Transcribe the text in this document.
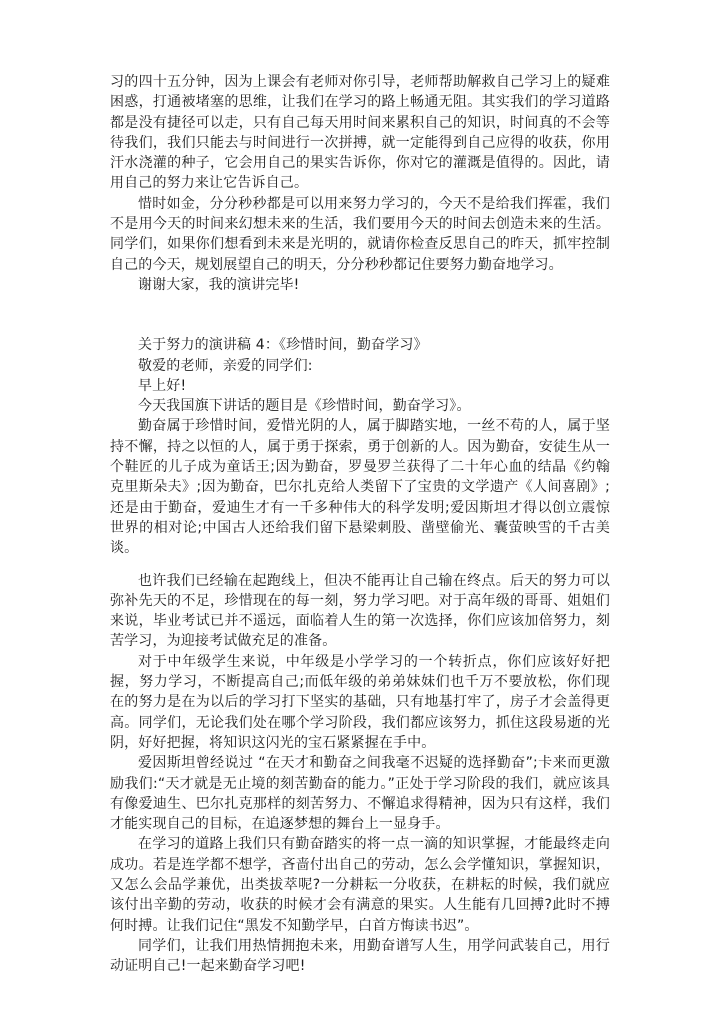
习的四十五分钟，因为上课会有老师对你引导，老师帮助解救自己学习上的疑难困惑，打通被堵塞的思维，让我们在学习的路上畅通无阻。其实我们的学习道路都是没有捷径可以走，只有自己每天用时间来累积自己的知识，时间真的不会等待我们，我们只能去与时间进行一次拼搏，就一定能得到自己应得的收获，你用汗水浇灌的种子，它会用自己的果实告诉你，你对它的灌溉是值得的。因此，请用自己的努力来让它告诉自己。

惜时如金，分分秒秒都是可以用来努力学习的，今天不是给我们挥霍，我们不是用今天的时间来幻想未来的生活，我们要用今天的时间去创造未来的生活。同学们，如果你们想看到未来是光明的，就请你检查反思自己的昨天，抓牢控制自己的今天，规划展望自己的明天，分分秒秒都记住要努力勤奋地学习。

谢谢大家，我的演讲完毕!

关于努力的演讲稿 4：《珍惜时间，勤奋学习》

敬爱的老师，亲爱的同学们:

早上好!

今天我国旗下讲话的题目是《珍惜时间，勤奋学习》。

勤奋属于珍惜时间，爱惜光阴的人，属于脚踏实地，一丝不苟的人，属于坚持不懈，持之以恒的人，属于勇于探索，勇于创新的人。因为勤奋，安徒生从一个鞋匠的儿子成为童话王;因为勤奋，罗曼罗兰获得了二十年心血的结晶《约翰克里斯朵夫》;因为勤奋，巴尔扎克给人类留下了宝贵的文学遗产《人间喜剧》;还是由于勤奋，爱迪生才有一千多种伟大的科学发明;爱因斯坦才得以创立震惊世界的相对论;中国古人还给我们留下悬梁刺股、凿壁偷光、囊萤映雪的千古美谈。

也许我们已经输在起跑线上，但决不能再让自己输在终点。后天的努力可以弥补先天的不足，珍惜现在的每一刻，努力学习吧。对于高年级的哥哥、姐姐们来说，毕业考试已并不遥远，面临着人生的第一次选择，你们应该加倍努力，刻苦学习，为迎接考试做充足的准备。

对于中年级学生来说，中年级是小学学习的一个转折点，你们应该好好把握，努力学习，不断提高自己;而低年级的弟弟妹妹们也千万不要放松，你们现在的努力是在为以后的学习打下坚实的基础，只有地基打牢了，房子才会盖得更高。同学们，无论我们处在哪个学习阶段，我们都应该努力，抓住这段易逝的光阴，好好把握，将知识这闪光的宝石紧紧握在手中。

爱因斯坦曾经说过 “在天才和勤奋之间我毫不迟疑的选择勤奋”;卡来而更激励我们:“天才就是无止境的刻苦勤奋的能力。”正处于学习阶段的我们，就应该具有像爱迪生、巴尔扎克那样的刻苦努力、不懈追求得精神，因为只有这样，我们才能实现自己的目标，在追逐梦想的舞台上一显身手。

在学习的道路上我们只有勤奋踏实的将一点一滴的知识掌握，才能最终走向成功。若是连学都不想学，吝啬付出自己的劳动，怎么会学懂知识，掌握知识，又怎么会品学兼优，出类拔萃呢?一分耕耘一分收获，在耕耘的时候，我们就应该付出辛勤的劳动，收获的时候才会有满意的果实。人生能有几回搏?此时不搏何时搏。让我们记住“黑发不知勤学早，白首方悔读书迟”。

同学们，让我们用热情拥抱未来，用勤奋谱写人生，用学问武装自己，用行动证明自己!一起来勤奋学习吧!
